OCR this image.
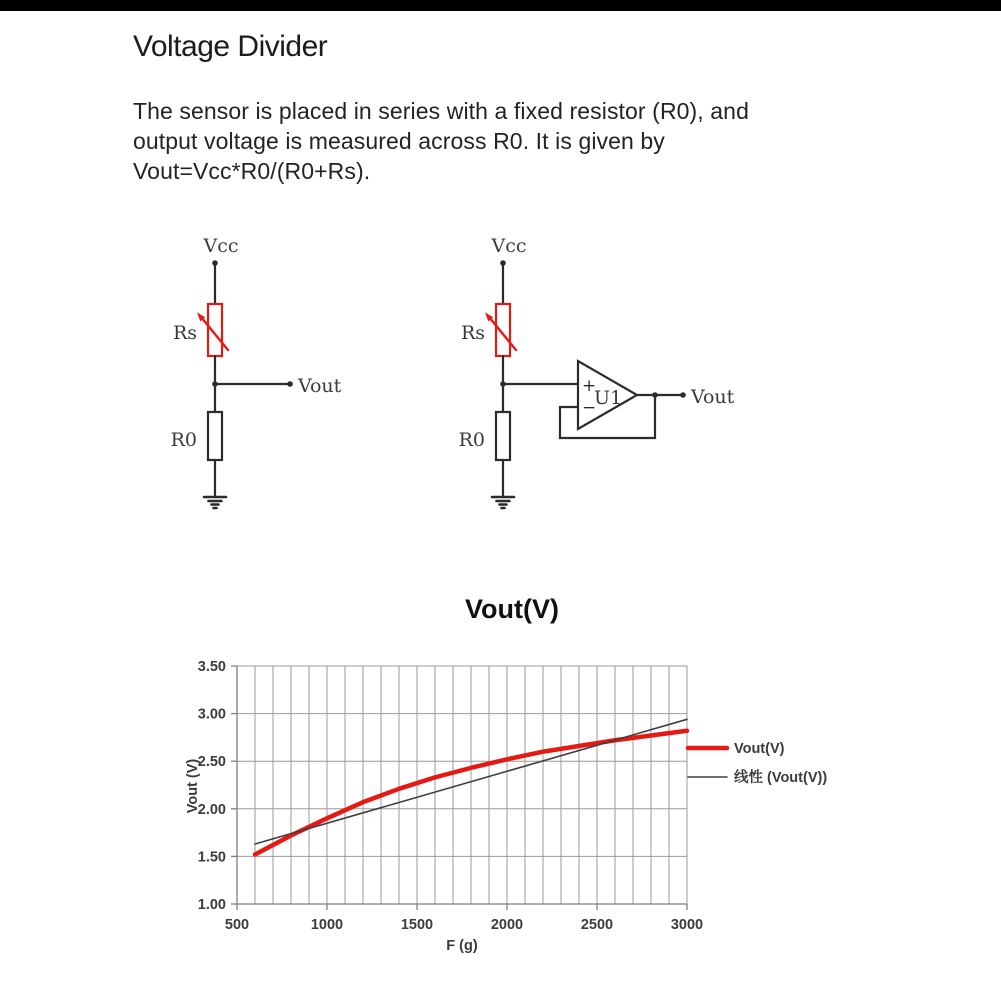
Voltage Divider

The sensor is placed in series with a fixed resistor (R0), and
output voltage is measured across R0. It is given by
Vout=Vcc*R0/(R0+Rs).

Vcc
Rs
Vout
R0
Vcc
Rs
R0
+
−
U1	Vout
500	1000	1500	2000	2500	3000
1.00
1.50
2.00
2.50
3.00
3.50
Vout(V)
F (g)
Vout (V)
Vout(V)
线性 (Vout(V))
